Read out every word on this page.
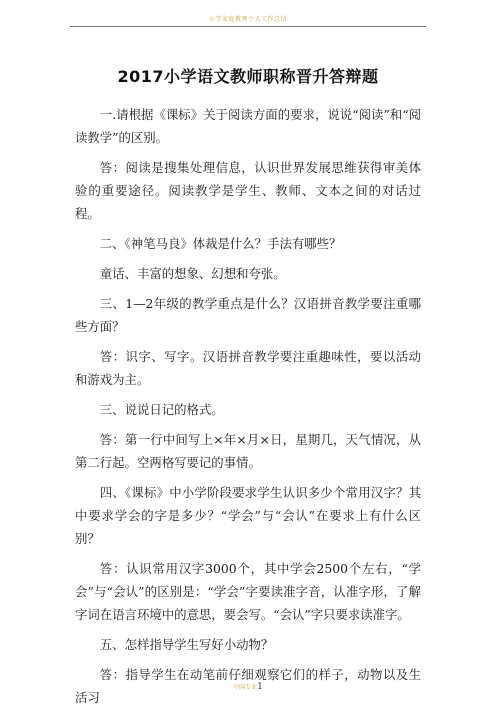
小学家庭教师个人工作总结
2017小学语文教师职称晋升答辩题

一.请根据《课标》关于阅读方面的要求，说说“阅读”和“阅读教学”的区别。

答：阅读是搜集处理信息，认识世界发展思维获得审美体验的重要途径。阅读教学是学生、教师、文本之间的对话过程。

二、《神笔马良》体裁是什么？手法有哪些？

童话、丰富的想象、幻想和夸张。

三、1—2年级的教学重点是什么？汉语拼音教学要注重哪些方面？

答：识字、写字。汉语拼音教学要注重趣味性，要以活动和游戏为主。

三、说说日记的格式。

答：第一行中间写上×年×月×日，星期几，天气情况，从第二行起。空两格写要记的事情。

四、《课标》中小学阶段要求学生认识多少个常用汉字？其中要求学会的字是多少？“学会”与“会认”在要求上有什么区别？

答：认识常用汉字3000个，其中学会2500个左右，“学会”与“会认”的区别是：“学会”字要读准字音，认准字形，了解字词在语言环境中的意思，要会写。“会认”字只要求读准字。

五、怎样指导学生写好小动物？

答：指导学生在动笔前仔细观察它们的样子，动物以及生活习

中国专业1
